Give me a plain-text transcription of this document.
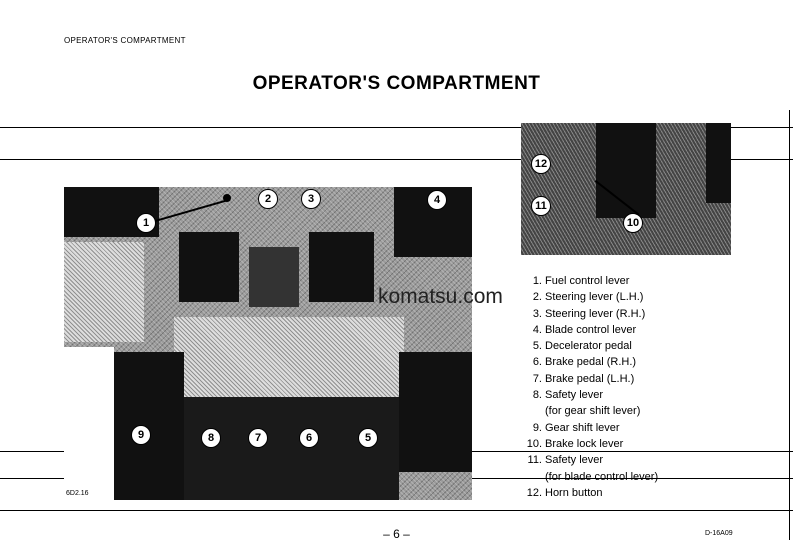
OPERATOR'S COMPARTMENT
OPERATOR'S COMPARTMENT
1
2	3	4
5
6
7
8
9
6D2.16
10
11
12
komatsu.com
1. Fuel control lever
2. Steering lever (L.H.)
3. Steering lever (R.H.)
4. Blade control lever
5. Decelerator pedal
6. Brake pedal (R.H.)
7. Brake pedal (L.H.)
8. Safety lever
(for gear shift lever)
9. Gear shift lever
10. Brake lock lever
11. Safety lever
(for blade control lever)
12. Horn button
– 6 –	D-16A09
